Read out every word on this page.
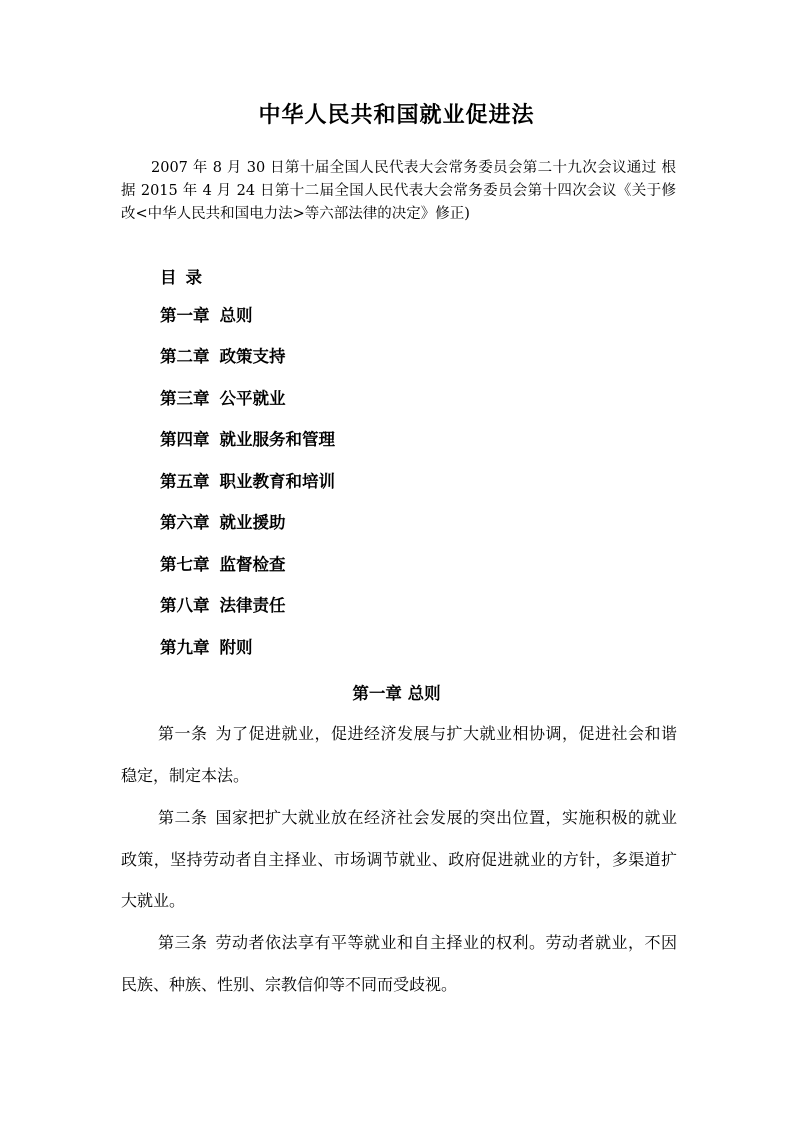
中华人民共和国就业促进法

2007 年 8 月 30 日第十届全国人民代表大会常务委员会第二十九次会议通过 根据 2015 年 4 月 24 日第十二届全国人民代表大会常务委员会第十四次会议《关于修改<中华人民共和国电力法>等六部法律的决定》修正)

目录
第一章 总则
第二章 政策支持
第三章 公平就业
第四章 就业服务和管理
第五章 职业教育和培训
第六章 就业援助
第七章 监督检查
第八章 法律责任
第九章 附则
第一章 总则

第一条 为了促进就业，促进经济发展与扩大就业相协调，促进社会和谐稳定，制定本法。

第二条 国家把扩大就业放在经济社会发展的突出位置，实施积极的就业政策，坚持劳动者自主择业、市场调节就业、政府促进就业的方针，多渠道扩大就业。

第三条 劳动者依法享有平等就业和自主择业的权利。劳动者就业，不因民族、种族、性别、宗教信仰等不同而受歧视。
